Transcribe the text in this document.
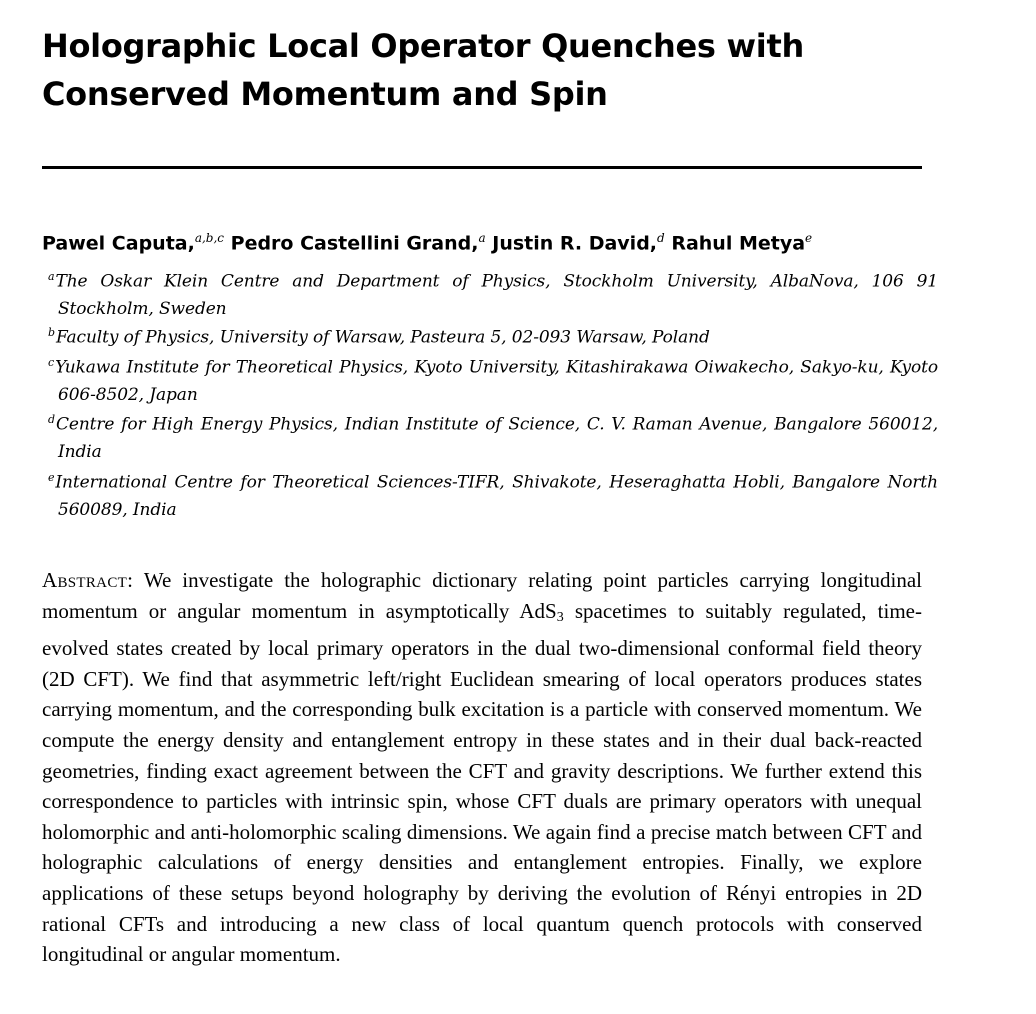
Holographic Local Operator Quenches with Conserved Momentum and Spin
Pawel Caputa,$^{a,b,c}$ Pedro Castellini Grand,$^a$ Justin R. David,$^d$ Rahul Metya$^e$
$^a$The Oskar Klein Centre and Department of Physics, Stockholm University, AlbaNova, 106 91 Stockholm, Sweden
$^b$Faculty of Physics, University of Warsaw, Pasteura 5, 02-093 Warsaw, Poland
$^c$Yukawa Institute for Theoretical Physics, Kyoto University, Kitashirakawa Oiwakecho, Sakyo-ku, Kyoto 606-8502, Japan
$^d$Centre for High Energy Physics, Indian Institute of Science, C. V. Raman Avenue, Bangalore 560012, India
$^e$International Centre for Theoretical Sciences-TIFR, Shivakote, Heseraghatta Hobli, Bangalore North 560089, India
Abstract: We investigate the holographic dictionary relating point particles carrying longitudinal momentum or angular momentum in asymptotically AdS$_3$ spacetimes to suitably regulated, time-evolved states created by local primary operators in the dual two-dimensional conformal field theory (2D CFT). We find that asymmetric left/right Euclidean smearing of local operators produces states carrying momentum, and the corresponding bulk excitation is a particle with conserved momentum. We compute the energy density and entanglement entropy in these states and in their dual back-reacted geometries, finding exact agreement between the CFT and gravity descriptions. We further extend this correspondence to particles with intrinsic spin, whose CFT duals are primary operators with unequal holomorphic and anti-holomorphic scaling dimensions. We again find a precise match between CFT and holographic calculations of energy densities and entanglement entropies. Finally, we explore applications of these setups beyond holography by deriving the evolution of Rényi entropies in 2D rational CFTs and introducing a new class of local quantum quench protocols with conserved longitudinal or angular momentum.
